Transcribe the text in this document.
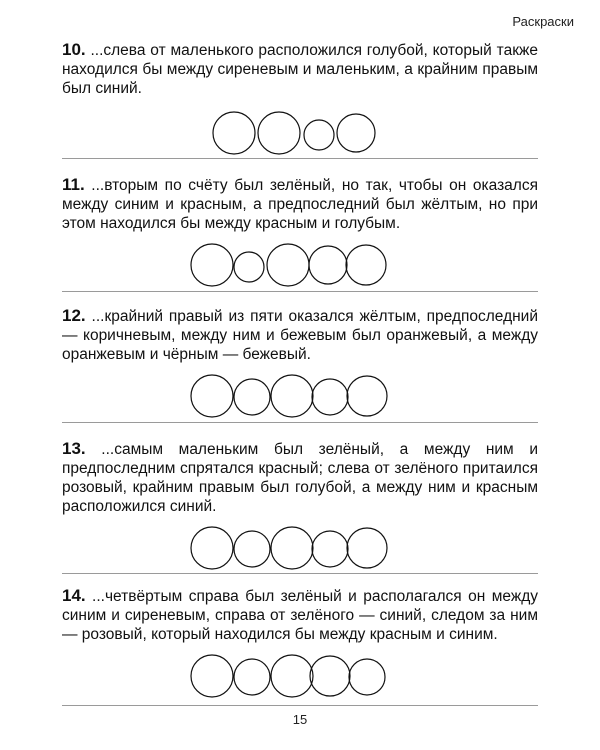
Раскраски

10. ...слева от маленького расположился голубой, который также находился бы между сиреневым и маленьким, а крайним правым был синий.

11. ...вторым по счёту был зелёный, но так, чтобы он оказался между синим и красным, а предпоследний был жёлтым, но при этом находился бы между красным и голубым.

12. ...крайний правый из пяти оказался жёлтым, предпоследний — коричневым, между ним и бежевым был оранжевый, а между оранжевым и чёрным — бежевый.

13. ...самым маленьким был зелёный, а между ним и предпоследним спрятался красный; слева от зелёного притаился розовый, крайним правым был голубой, а между ним и красным расположился синий.

14. ...четвёртым справа был зелёный и располагался он между синим и сиреневым, справа от зелёного — синий, следом за ним — розовый, который находился бы между красным и синим.

15
